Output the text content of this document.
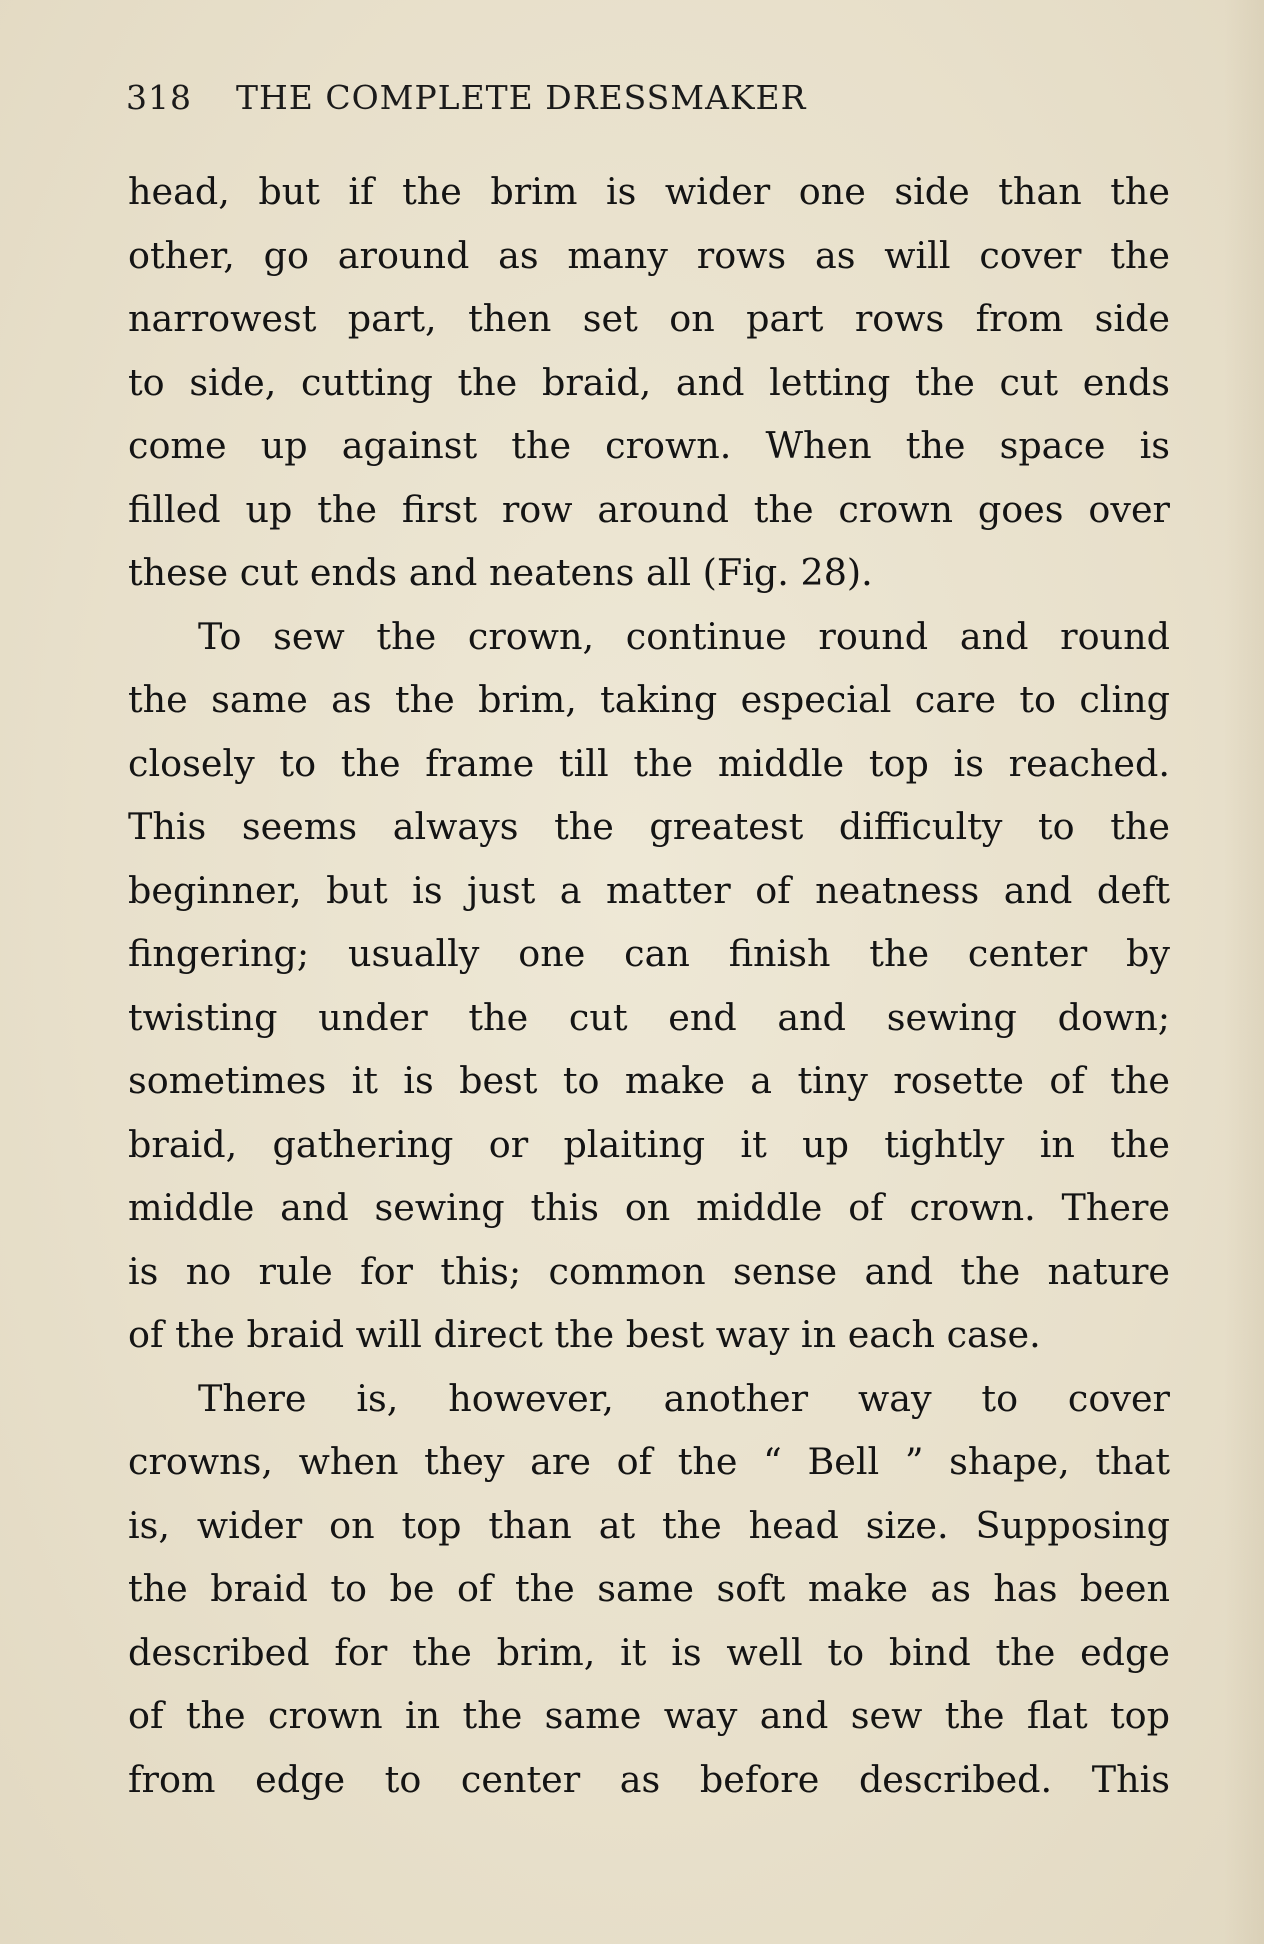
318 THE COMPLETE DRESSMAKER
head, but if the brim is wider one side than the
other, go around as many rows as will cover the
narrowest part, then set on part rows from side
to side, cutting the braid, and letting the cut ends
come up against the crown. When the space is
filled up the first row around the crown goes over
these cut ends and neatens all (Fig. 28).
To sew the crown, continue round and round
the same as the brim, taking especial care to cling
closely to the frame till the middle top is reached.
This seems always the greatest difficulty to the
beginner, but is just a matter of neatness and deft
fingering; usually one can finish the center by
twisting under the cut end and sewing down;
sometimes it is best to make a tiny rosette of the
braid, gathering or plaiting it up tightly in the
middle and sewing this on middle of crown. There
is no rule for this; common sense and the nature
of the braid will direct the best way in each case.
There is, however, another way to cover
crowns, when they are of the “ Bell ” shape, that
is, wider on top than at the head size. Supposing
the braid to be of the same soft make as has been
described for the brim, it is well to bind the edge
of the crown in the same way and sew the flat top
from edge to center as before described. This
